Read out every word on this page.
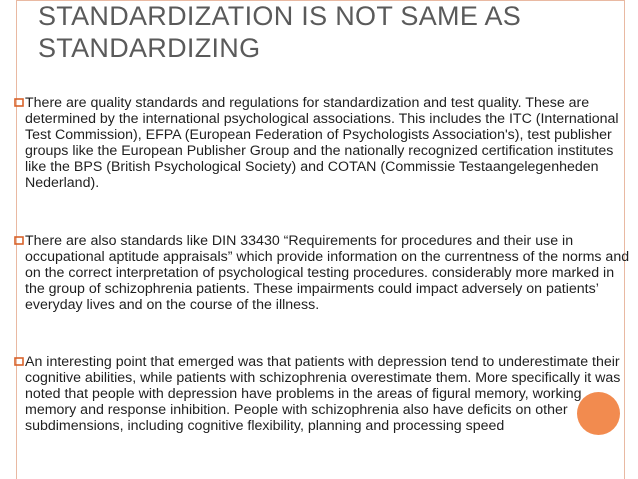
STANDARDIZATION IS NOT SAME AS
STANDARDIZING

There are quality standards and regulations for standardization and test quality. These are determined by the international psychological associations. This includes the ITC (International Test Commission), EFPA (European Federation of Psychologists Association's), test publisher groups like the European Publisher Group and the nationally recognized certification institutes like the BPS (British Psychological Society) and COTAN (Commissie Testaangelegenheden Nederland).

There are also standards like DIN 33430 “Requirements for procedures and their use in occupational aptitude appraisals” which provide information on the currentness of the norms and on the correct interpretation of psychological testing procedures. considerably more marked in the group of schizophrenia patients. These impairments could impact adversely on patients’ everyday lives and on the course of the illness.

An interesting point that emerged was that patients with depression tend to underestimate their cognitive abilities, while patients with schizophrenia overestimate them. More specifically it was noted that people with depression have problems in the areas of figural memory, working memory and response inhibition. People with schizophrenia also have deficits on other subdimensions, including cognitive flexibility, planning and processing speed
